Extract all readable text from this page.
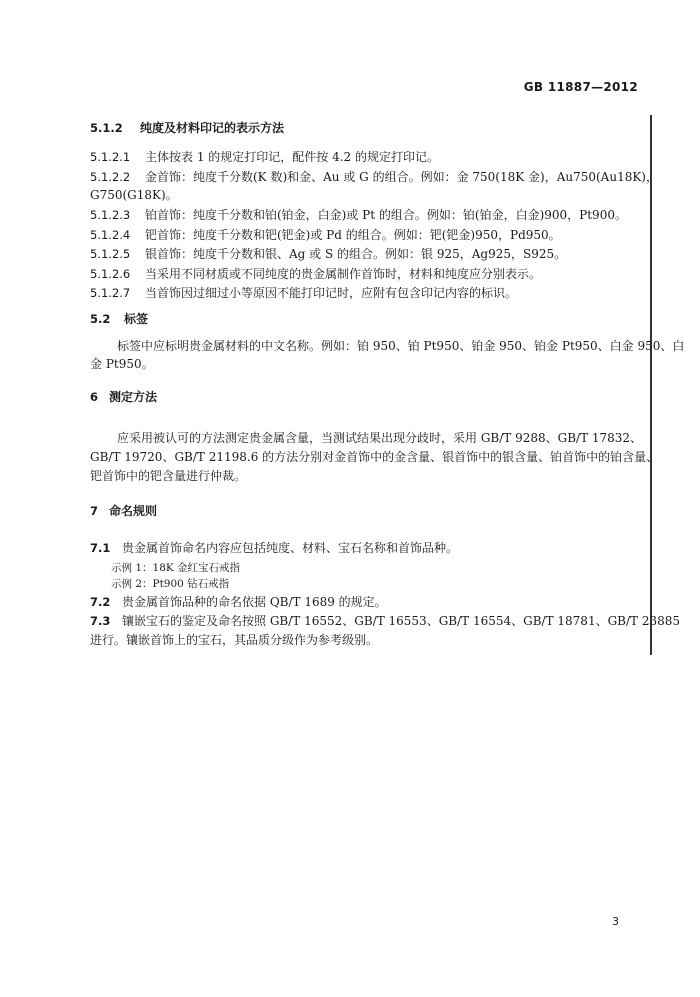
GB 11887—2012
5.1.2 纯度及材料印记的表示方法
5.1.2.1 主体按表 1 的规定打印记，配件按 4.2 的规定打印记。
5.1.2.2 金首饰：纯度千分数(K 数)和金、Au 或 G 的组合。例如：金 750(18K 金)，Au750(Au18K)，
G750(G18K)。
5.1.2.3 铂首饰：纯度千分数和铂(铂金，白金)或 Pt 的组合。例如：铂(铂金，白金)900，Pt900。
5.1.2.4 钯首饰：纯度千分数和钯(钯金)或 Pd 的组合。例如：钯(钯金)950，Pd950。
5.1.2.5 银首饰：纯度千分数和银、Ag 或 S 的组合。例如：银 925，Ag925，S925。
5.1.2.6 当采用不同材质或不同纯度的贵金属制作首饰时，材料和纯度应分别表示。
5.1.2.7 当首饰因过细过小等原因不能打印记时，应附有包含印记内容的标识。
5.2 标签
标签中应标明贵金属材料的中文名称。例如：铂 950、铂 Pt950、铂金 950、铂金 Pt950、白金 950、白
金 Pt950。
6 测定方法
应采用被认可的方法测定贵金属含量，当测试结果出现分歧时，采用 GB/T 9288、GB/T 17832、
GB/T 19720、GB/T 21198.6 的方法分别对金首饰中的金含量、银首饰中的银含量、铂首饰中的铂含量、
钯首饰中的钯含量进行仲裁。
7 命名规则
7.1 贵金属首饰命名内容应包括纯度、材料、宝石名称和首饰品种。
示例 1：18K 金红宝石戒指
示例 2：Pt900 钻石戒指
7.2 贵金属首饰品种的命名依据 QB/T 1689 的规定。
7.3 镶嵌宝石的鉴定及命名按照 GB/T 16552、GB/T 16553、GB/T 16554、GB/T 18781、GB/T 23885
进行。镶嵌首饰上的宝石，其品质分级作为参考级别。
3
